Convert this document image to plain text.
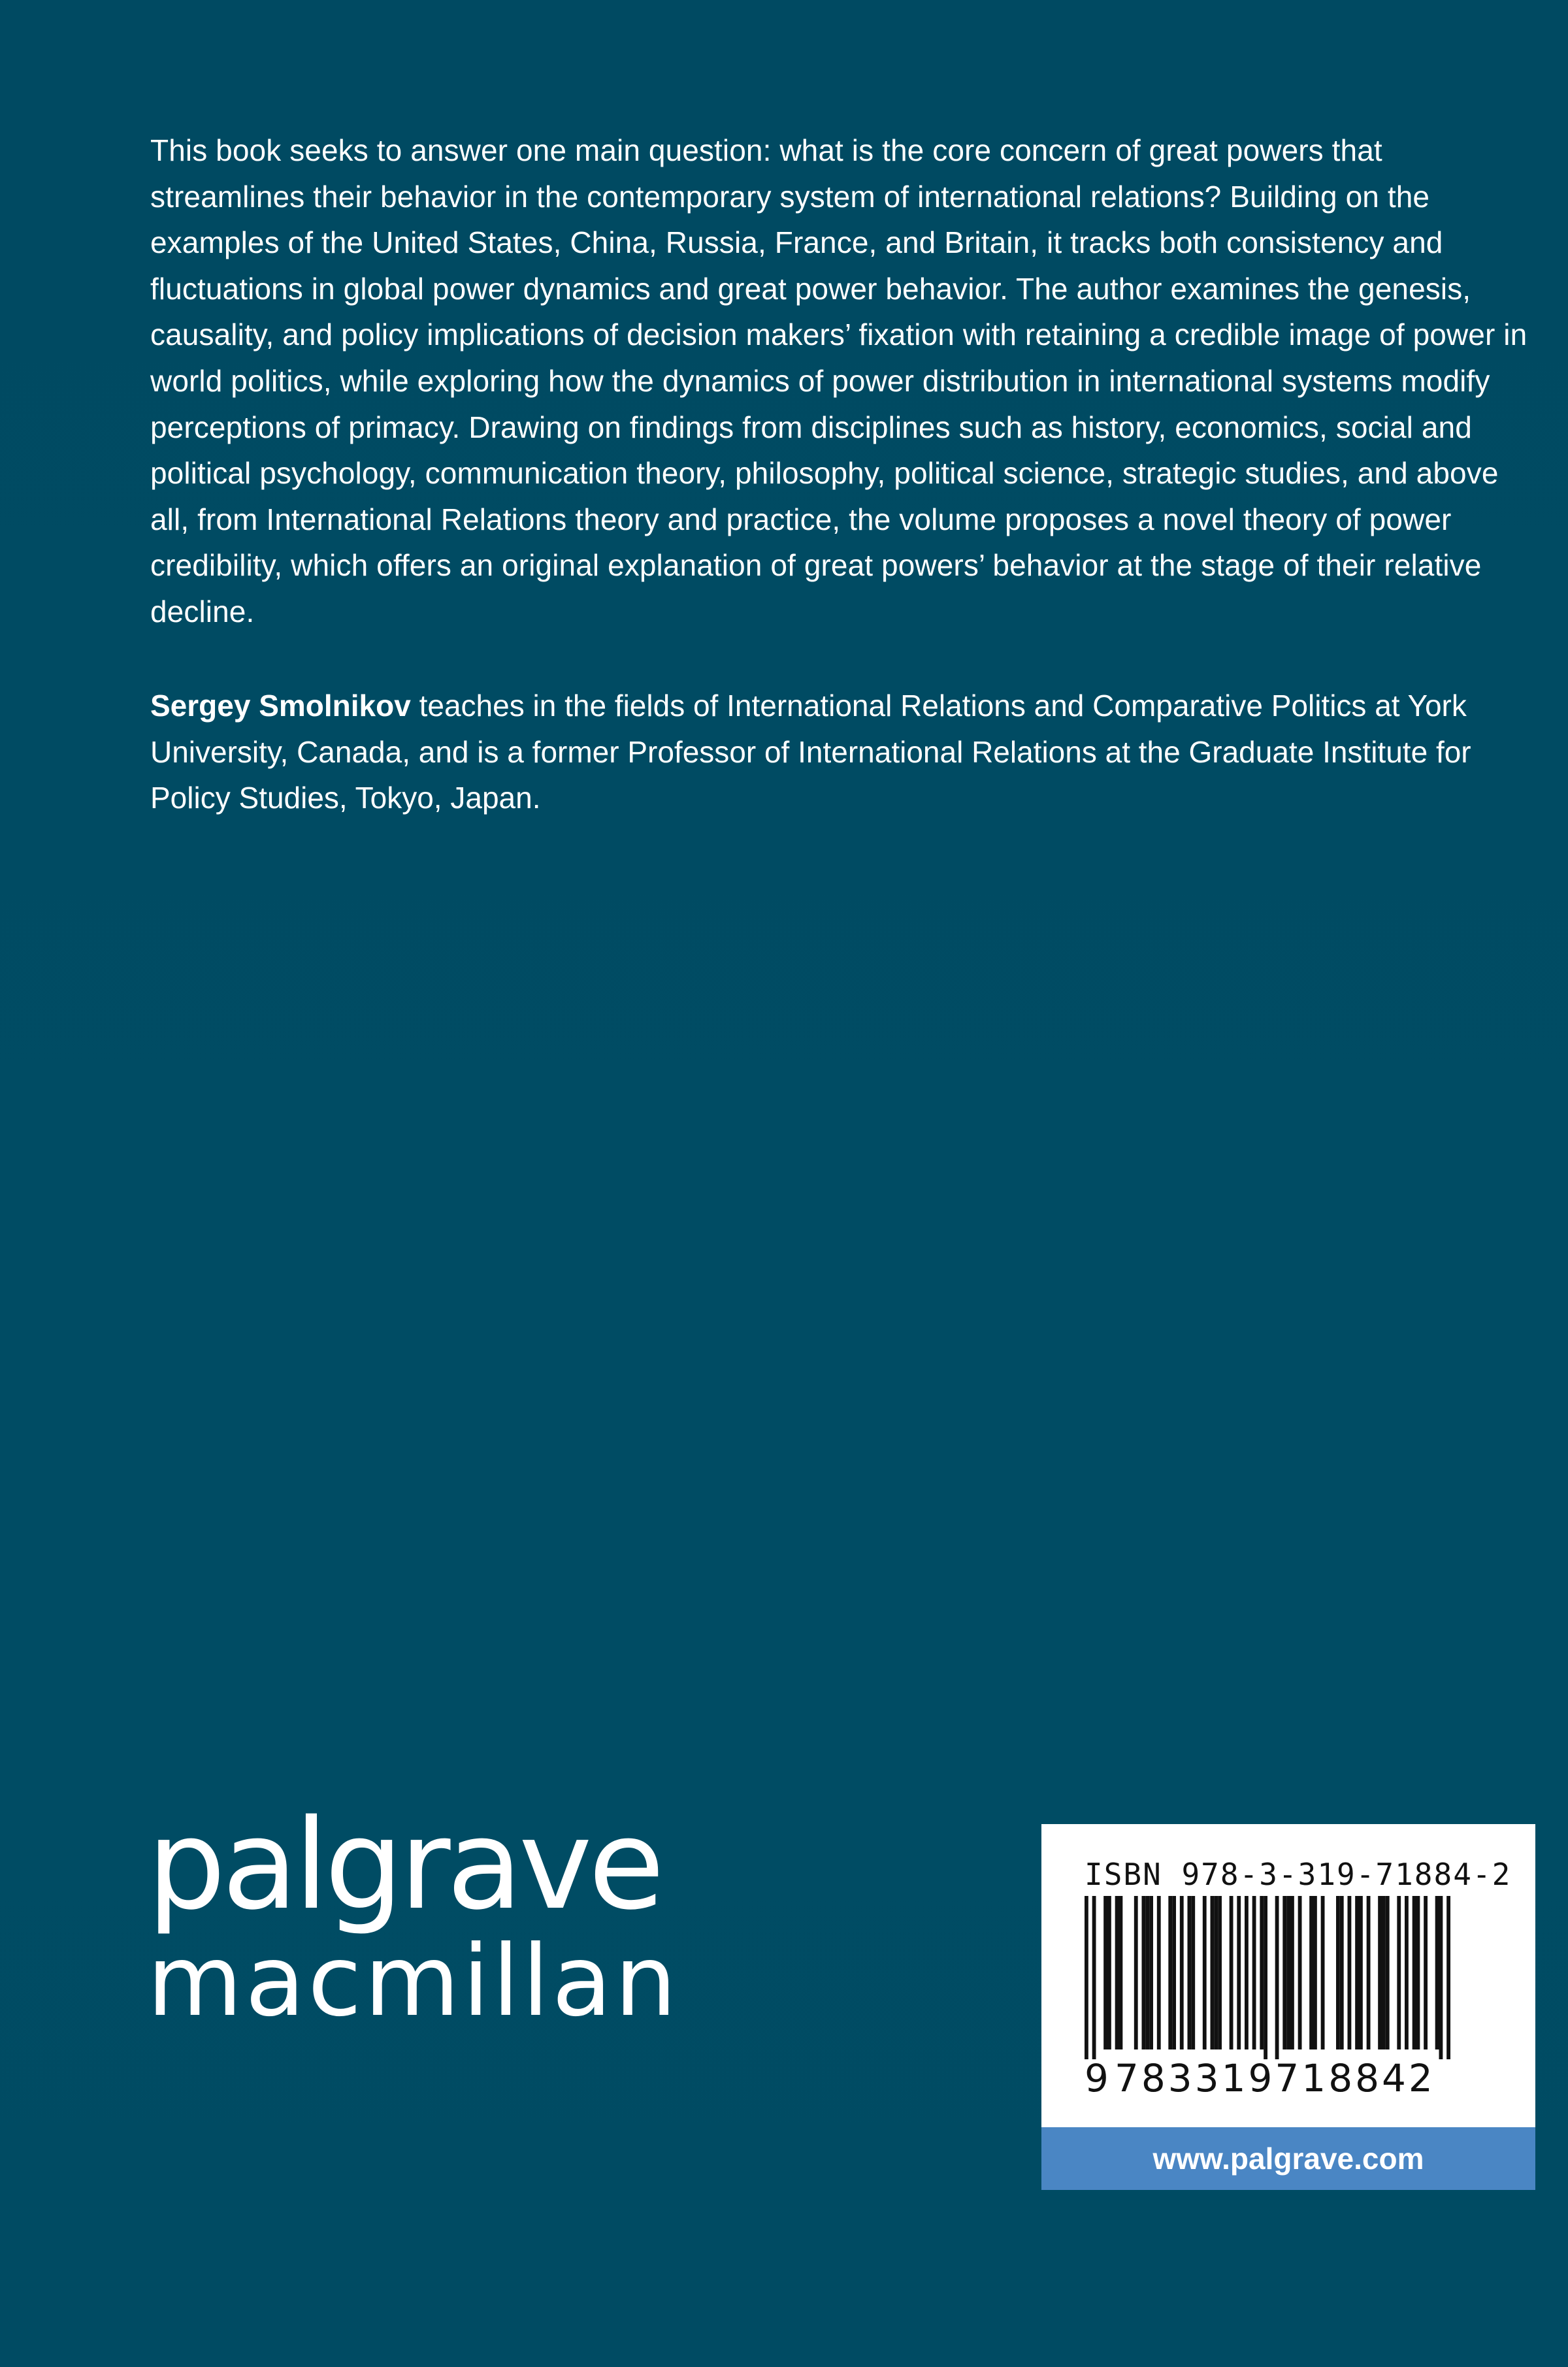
This book seeks to answer one main question: what is the core concern of great powers that streamlines their behavior in the contemporary system of international relations? Building on the examples of the United States, China, Russia, France, and Britain, it tracks both consistency and fluctuations in global power dynamics and great power behavior. The author examines the genesis, causality, and policy implications of decision makers’ fixation with retaining a credible image of power in world politics, while exploring how the dynamics of power distribution in international systems modify perceptions of primacy. Drawing on findings from disciplines such as history, economics, social and political psychology, communication theory, philosophy, political science, strategic studies, and above all, from International Relations theory and practice, the volume proposes a novel theory of power credibility, which offers an original explanation of great powers’ behavior at the stage of their relative decline.

Sergey Smolnikov teaches in the fields of International Relations and Comparative Politics at York University, Canada, and is a former Professor of International Relations at the Graduate Institute for Policy Studies, Tokyo, Japan.

palgrave
macmillan
ISBN 978-3-319-71884-2
9 783319718842
www.palgrave.com
